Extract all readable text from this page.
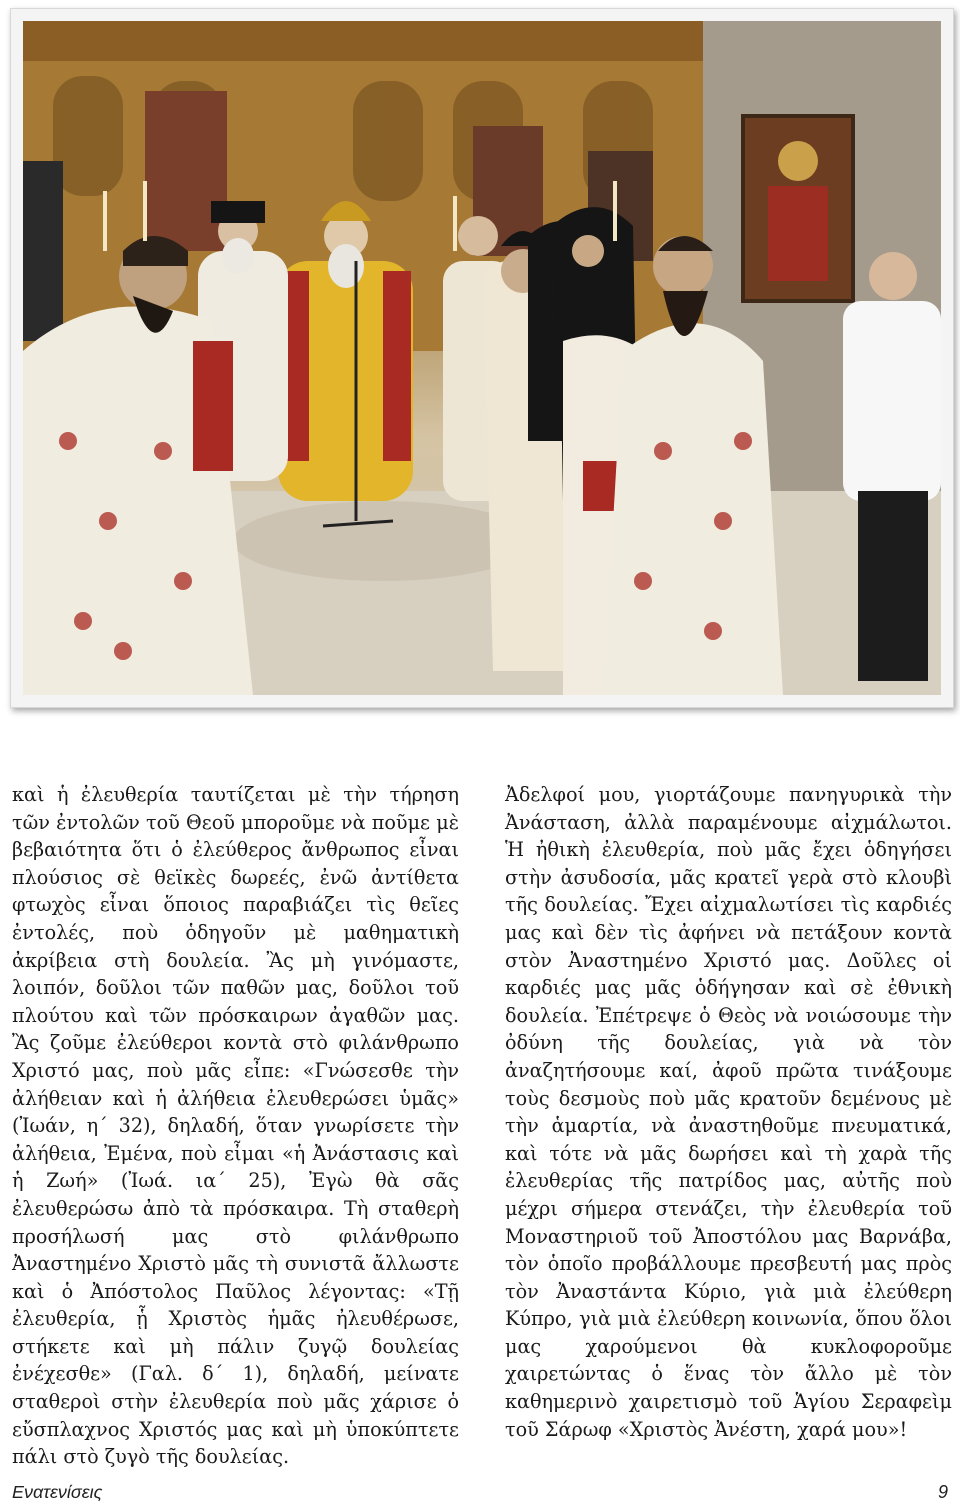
καὶ ἡ ἐλευθερία ταυτίζεται μὲ τὴν τήρηση τῶν ἐντολῶν τοῦ Θεοῦ μποροῦμε νὰ ποῦμε μὲ βεβαιότητα ὅτι ὁ ἐλεύθερος ἄνθρωπος εἶναι πλούσιος σὲ θεϊκὲς δωρεές, ἐνῶ ἀντίθετα φτωχὸς εἶναι ὅποιος παραβιάζει τὶς θεῖες ἐντολές, ποὺ ὁδηγοῦν μὲ μαθηματικὴ ἀκρίβεια στὴ δουλεία. Ἂς μὴ γινόμαστε, λοιπόν, δοῦλοι τῶν παθῶν μας, δοῦλοι τοῦ πλούτου καὶ τῶν πρόσκαιρων ἀγαθῶν μας. Ἂς ζοῦμε ἐλεύθεροι κοντὰ στὸ φιλάνθρωπο Χριστό μας, ποὺ μᾶς εἶπε: «Γνώσεσθε τὴν ἀλήθειαν καὶ ἡ ἀλήθεια ἐλευθερώσει ὑμᾶς» (Ἰωάν, η΄ 32), δηλαδή, ὅταν γνωρίσετε τὴν ἀλήθεια, Ἐμένα, ποὺ εἶμαι «ἡ Ἀνάστασις καὶ ἡ Ζωή» (Ἰωά. ια΄ 25), Ἐγὼ θὰ σᾶς ἐλευθερώσω ἀπὸ τὰ πρόσκαιρα. Τὴ σταθερὴ προσήλωσή μας στὸ φιλάνθρωπο Ἀναστημένο Χριστὸ μᾶς τὴ συνιστᾶ ἄλλωστε καὶ ὁ Ἀπόστολος Παῦλος λέγοντας: «Τῇ ἐλευθερία, ᾗ Χριστὸς ἡμᾶς ἠλευθέρωσε, στήκετε καὶ μὴ πάλιν ζυγῷ δουλείας ἐνέχεσθε» (Γαλ. δ΄ 1), δηλαδή, μείνατε σταθεροὶ στὴν ἐλευθερία ποὺ μᾶς χάρισε ὁ εὔσπλαχνος Χριστός μας καὶ μὴ ὑποκύπτετε πάλι στὸ ζυγὸ τῆς δουλείας.

Ἀδελφοί μου, γιορτάζουμε πανηγυρικὰ τὴν Ἀνάσταση, ἀλλὰ παραμένουμε αἰχμάλωτοι. Ἡ ἠθικὴ ἐλευθερία, ποὺ μᾶς ἔχει ὁδηγήσει στὴν ἀσυδοσία, μᾶς κρατεῖ γερὰ στὸ κλουβὶ τῆς δουλείας. Ἔχει αἰχμαλωτίσει τὶς καρδιές μας καὶ δὲν τὶς ἀφήνει νὰ πετάξουν κοντὰ στὸν Ἀναστημένο Χριστό μας. Δοῦλες οἱ καρδιές μας μᾶς ὁδήγησαν καὶ σὲ ἐθνικὴ δουλεία. Ἐπέτρεψε ὁ Θεὸς νὰ νοιώσουμε τὴν ὀδύνη τῆς δουλείας, γιὰ νὰ τὸν ἀναζητήσουμε καί, ἀφοῦ πρῶτα τινάξουμε τοὺς δεσμοὺς ποὺ μᾶς κρατοῦν δεμένους μὲ τὴν ἁμαρτία, νὰ ἀναστηθοῦμε πνευματικά, καὶ τότε νὰ μᾶς δωρήσει καὶ τὴ χαρὰ τῆς ἐλευθερίας τῆς πατρίδος μας, αὐτῆς ποὺ μέχρι σήμερα στενάζει, τὴν ἐλευθερία τοῦ Μοναστηριοῦ τοῦ Ἀποστόλου μας Βαρνάβα, τὸν ὁποῖο προβάλλουμε πρεσβευτή μας πρὸς τὸν Ἀναστάντα Κύριο, γιὰ μιὰ ἐλεύθερη Κύπρο, γιὰ μιὰ ἐλεύθερη κοινωνία, ὅπου ὅλοι μας χαρούμενοι θὰ κυκλοφοροῦμε χαιρετώντας ὁ ἕνας τὸν ἄλλο μὲ τὸν καθημερινὸ χαιρετισμὸ τοῦ Ἁγίου Σεραφεὶμ τοῦ Σάρωφ «Χριστὸς Ἀνέστη, χαρά μου»!

Ενατενίσεις	9
